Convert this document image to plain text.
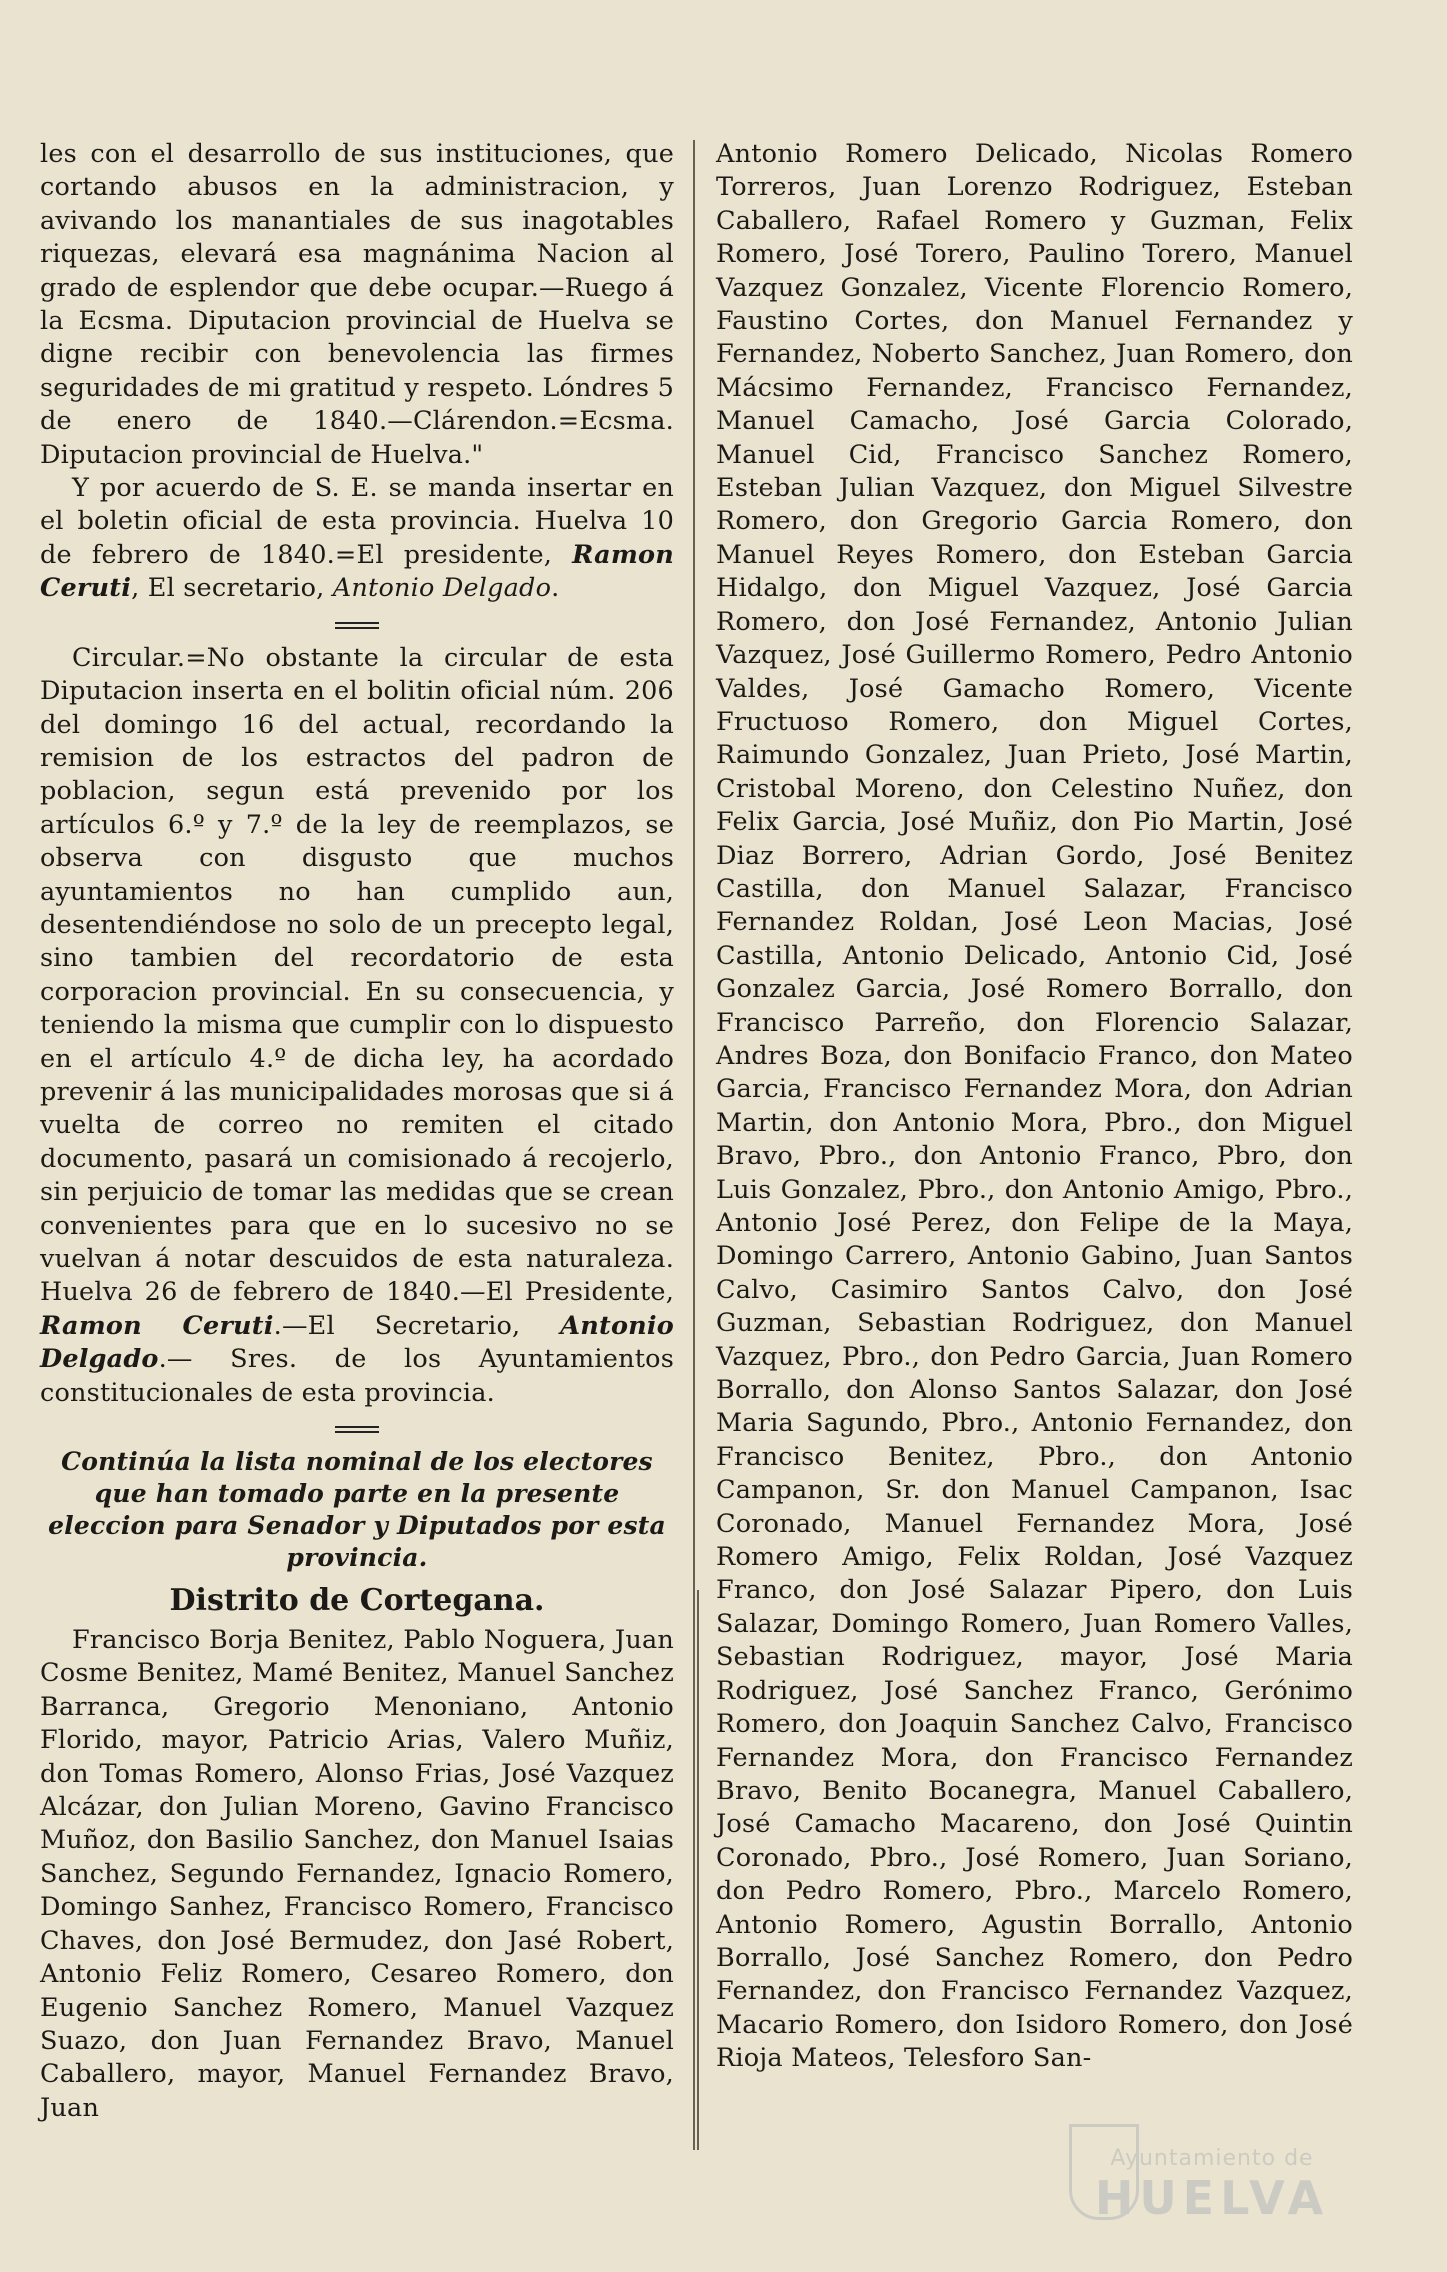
les con el desarrollo de sus instituciones, que cortando abusos en la administracion, y avivando los manantiales de sus inagotables riquezas, elevará esa magnánima Nacion al grado de esplendor que debe ocupar.—Ruego á la Ecsma. Diputacion provincial de Huelva se digne recibir con benevolencia las firmes seguridades de mi gratitud y respeto. Lóndres 5 de enero de 1840.—Clárendon.=Ecsma. Diputacion provincial de Huelva."

Y por acuerdo de S. E. se manda insertar en el boletin oficial de esta provincia. Huelva 10 de febrero de 1840.=El presidente, Ramon Ceruti, El secretario, Antonio Delgado.

Circular.=No obstante la circular de esta Diputacion inserta en el bolitin oficial núm. 206 del domingo 16 del actual, recordando la remision de los estractos del padron de poblacion, segun está prevenido por los artículos 6.º y 7.º de la ley de reemplazos, se observa con disgusto que muchos ayuntamientos no han cumplido aun, desentendiéndose no solo de un precepto legal, sino tambien del recordatorio de esta corporacion provincial. En su consecuencia, y teniendo la misma que cumplir con lo dispuesto en el artículo 4.º de dicha ley, ha acordado prevenir á las municipalidades morosas que si á vuelta de correo no remiten el citado documento, pasará un comisionado á recojerlo, sin perjuicio de tomar las medidas que se crean convenientes para que en lo sucesivo no se vuelvan á notar descuidos de esta naturaleza. Huelva 26 de febrero de 1840.—El Presidente, Ramon Ceruti.—El Secretario, Antonio Delgado.— Sres. de los Ayuntamientos constitucionales de esta provincia.

Continúa la lista nominal de los electores que han tomado parte en la presente eleccion para Senador y Diputados por esta provincia.

Distrito de Cortegana.

Francisco Borja Benitez, Pablo Noguera, Juan Cosme Benitez, Mamé Benitez, Manuel Sanchez Barranca, Gregorio Menoniano, Antonio Florido, mayor, Patricio Arias, Valero Muñiz, don Tomas Romero, Alonso Frias, José Vazquez Alcázar, don Julian Moreno, Gavino Francisco Muñoz, don Basilio Sanchez, don Manuel Isaias Sanchez, Segundo Fernandez, Ignacio Romero, Domingo Sanhez, Francisco Romero, Francisco Chaves, don José Bermudez, don Jasé Robert, Antonio Feliz Romero, Cesareo Romero, don Eugenio Sanchez Romero, Manuel Vazquez Suazo, don Juan Fernandez Bravo, Manuel Caballero, mayor, Manuel Fernandez Bravo, Juan

Antonio Romero Delicado, Nicolas Romero Torreros, Juan Lorenzo Rodriguez, Esteban Caballero, Rafael Romero y Guzman, Felix Romero, José Torero, Paulino Torero, Manuel Vazquez Gonzalez, Vicente Florencio Romero, Faustino Cortes, don Manuel Fernandez y Fernandez, Noberto Sanchez, Juan Romero, don Mácsimo Fernandez, Francisco Fernandez, Manuel Camacho, José Garcia Colorado, Manuel Cid, Francisco Sanchez Romero, Esteban Julian Vazquez, don Miguel Silvestre Romero, don Gregorio Garcia Romero, don Manuel Reyes Romero, don Esteban Garcia Hidalgo, don Miguel Vazquez, José Garcia Romero, don José Fernandez, Antonio Julian Vazquez, José Guillermo Romero, Pedro Antonio Valdes, José Gamacho Romero, Vicente Fructuoso Romero, don Miguel Cortes, Raimundo Gonzalez, Juan Prieto, José Martin, Cristobal Moreno, don Celestino Nuñez, don Felix Garcia, José Muñiz, don Pio Martin, José Diaz Borrero, Adrian Gordo, José Benitez Castilla, don Manuel Salazar, Francisco Fernandez Roldan, José Leon Macias, José Castilla, Antonio Delicado, Antonio Cid, José Gonzalez Garcia, José Romero Borrallo, don Francisco Parreño, don Florencio Salazar, Andres Boza, don Bonifacio Franco, don Mateo Garcia, Francisco Fernandez Mora, don Adrian Martin, don Antonio Mora, Pbro., don Miguel Bravo, Pbro., don Antonio Franco, Pbro, don Luis Gonzalez, Pbro., don Antonio Amigo, Pbro., Antonio José Perez, don Felipe de la Maya, Domingo Carrero, Antonio Gabino, Juan Santos Calvo, Casimiro Santos Calvo, don José Guzman, Sebastian Rodriguez, don Manuel Vazquez, Pbro., don Pedro Garcia, Juan Romero Borrallo, don Alonso Santos Salazar, don José Maria Sagundo, Pbro., Antonio Fernandez, don Francisco Benitez, Pbro., don Antonio Campanon, Sr. don Manuel Campanon, Isac Coronado, Manuel Fernandez Mora, José Romero Amigo, Felix Roldan, José Vazquez Franco, don José Salazar Pipero, don Luis Salazar, Domingo Romero, Juan Romero Valles, Sebastian Rodriguez, mayor, José Maria Rodriguez, José Sanchez Franco, Gerónimo Romero, don Joaquin Sanchez Calvo, Francisco Fernandez Mora, don Francisco Fernandez Bravo, Benito Bocanegra, Manuel Caballero, José Camacho Macareno, don José Quintin Coronado, Pbro., José Romero, Juan Soriano, don Pedro Romero, Pbro., Marcelo Romero, Antonio Romero, Agustin Borrallo, Antonio Borrallo, José Sanchez Romero, don Pedro Fernandez, don Francisco Fernandez Vazquez, Macario Romero, don Isidoro Romero, don José Rioja Mateos, Telesforo San-

Ayuntamiento de
HUELVA
